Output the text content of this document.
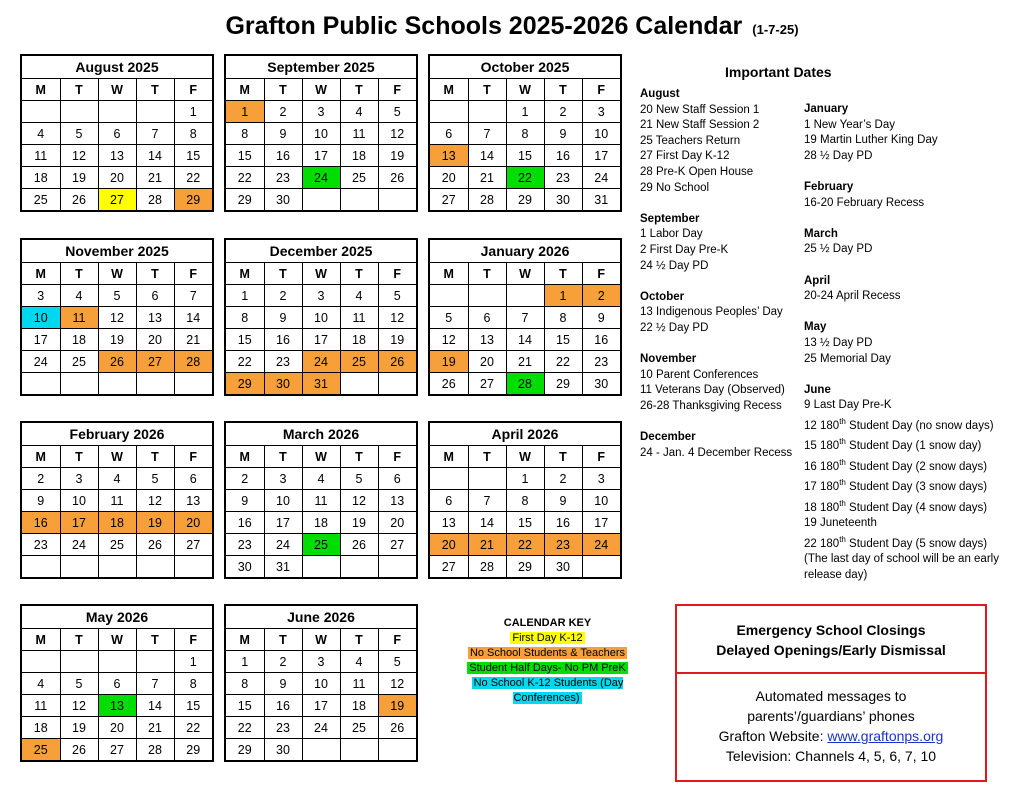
Grafton Public Schools 2025-2026 Calendar (1-7-25)
August 2025				
M	T	W	T	F
				1
4	5	6	7	8
11	12	13	14	15
18	19	20	21	22
25	26	27	28	29
September 2025				
M	T	W	T	F
1	2	3	4	5
8	9	10	11	12
15	16	17	18	19
22	23	24	25	26
29	30			
October 2025				
M	T	W	T	F
		1	2	3
6	7	8	9	10
13	14	15	16	17
20	21	22	23	24
27	28	29	30	31
November 2025				
M	T	W	T	F
3	4	5	6	7
10	11	12	13	14
17	18	19	20	21
24	25	26	27	28

December 2025				
M	T	W	T	F
1	2	3	4	5
8	9	10	11	12
15	16	17	18	19
22	23	24	25	26
29	30	31		
January 2026				
M	T	W	T	F
			1	2
5	6	7	8	9
12	13	14	15	16
19	20	21	22	23
26	27	28	29	30
February 2026				
M	T	W	T	F
2	3	4	5	6
9	10	11	12	13
16	17	18	19	20
23	24	25	26	27

March 2026				
M	T	W	T	F
2	3	4	5	6
9	10	11	12	13
16	17	18	19	20
23	24	25	26	27
30	31			
April 2026				
M	T	W	T	F
		1	2	3
6	7	8	9	10
13	14	15	16	17
20	21	22	23	24
27	28	29	30	
May 2026				
M	T	W	T	F
				1
4	5	6	7	8
11	12	13	14	15
18	19	20	21	22
25	26	27	28	29
June 2026				
M	T	W	T	F
1	2	3	4	5
8	9	10	11	12
15	16	17	18	19
22	23	24	25	26
29	30			
Important Dates
August
20 New Staff Session 1
21 New Staff Session 2
25 Teachers Return
27 First Day K-12
28 Pre-K Open House
29 No School
September
1 Labor Day
2 First Day Pre-K
24 ½ Day PD
October
13 Indigenous Peoples’ Day
22 ½ Day PD
November
10 Parent Conferences
11 Veterans Day (Observed)
26-28 Thanksgiving Recess
December
24 - Jan. 4 December Recess
January
1 New Year’s Day
19 Martin Luther King Day
28 ½ Day PD
February
16-20 February Recess
March
25 ½ Day PD
April
20-24 April Recess
May
13 ½ Day PD
25 Memorial Day
June
9 Last Day Pre-K
12 180th Student Day (no snow days)
15 180th Student Day (1 snow day)
16 180th Student Day (2 snow days)
17 180th Student Day (3 snow days)
18 180th Student Day (4 snow days)
19 Juneteenth
22 180th Student Day (5 snow days)
(The last day of school will be an early release day)
CALENDAR KEY
First Day K-12
No School Students & Teachers
Student Half Days- No PM PreK
No School K-12 Students (Day Conferences)
Emergency School Closings
Delayed Openings/Early Dismissal
Automated messages to
parents’/guardians’ phones
Grafton Website: www.graftonps.org
Television: Channels 4, 5, 6, 7, 10
